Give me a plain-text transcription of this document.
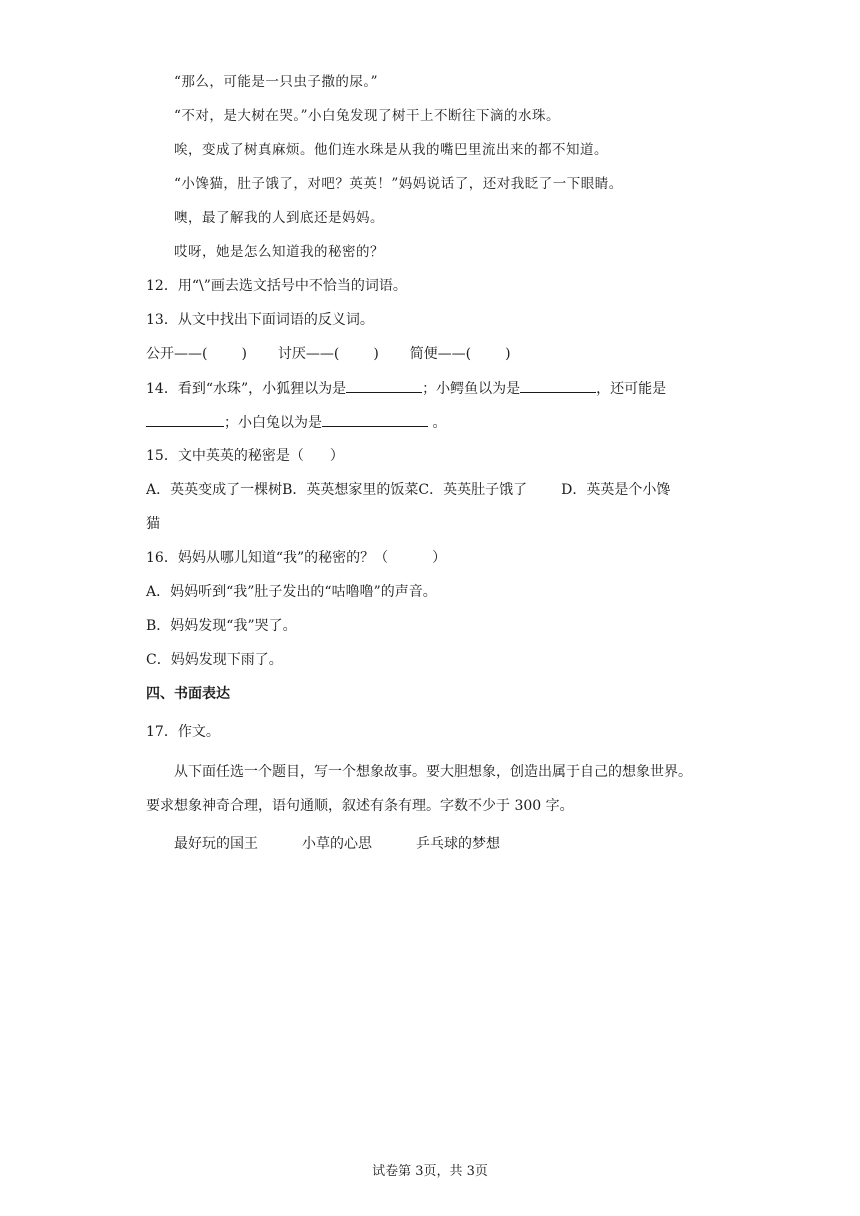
“那么，可能是一只虫子撒的尿。”
“不对，是大树在哭。”小白兔发现了树干上不断往下滴的水珠。
唉，变成了树真麻烦。他们连水珠是从我的嘴巴里流出来的都不知道。
“小馋猫，肚子饿了，对吧？英英！”妈妈说话了，还对我眨了一下眼睛。
噢，最了解我的人到底还是妈妈。
哎呀，她是怎么知道我的秘密的？
12．用“\”画去选文括号中不恰当的词语。
13．从文中找出下面词语的反义词。
公开——( ) 讨厌——( ) 简便——( )
14．看到“水珠”，小狐狸以为是	；小鳄鱼以为是	，还可能是
；小白兔以为是	。
15．文中英英的秘密是（ ）
A．英英变成了一棵树B．英英想家里的饭菜C．英英肚子饿了 D．英英是个小馋
猫
16．妈妈从哪儿知道“我”的秘密的？（	）
A．妈妈听到“我”肚子发出的“咕噜噜”的声音。
B．妈妈发现“我”哭了。
C．妈妈发现下雨了。
四、书面表达
17．作文。
从下面任选一个题目，写一个想象故事。要大胆想象，创造出属于自己的想象世界。
要求想象神奇合理，语句通顺，叙述有条有理。字数不少于 300 字。
最好玩的国王	小草的心思	乒乓球的梦想
试卷第 3页，共 3页
